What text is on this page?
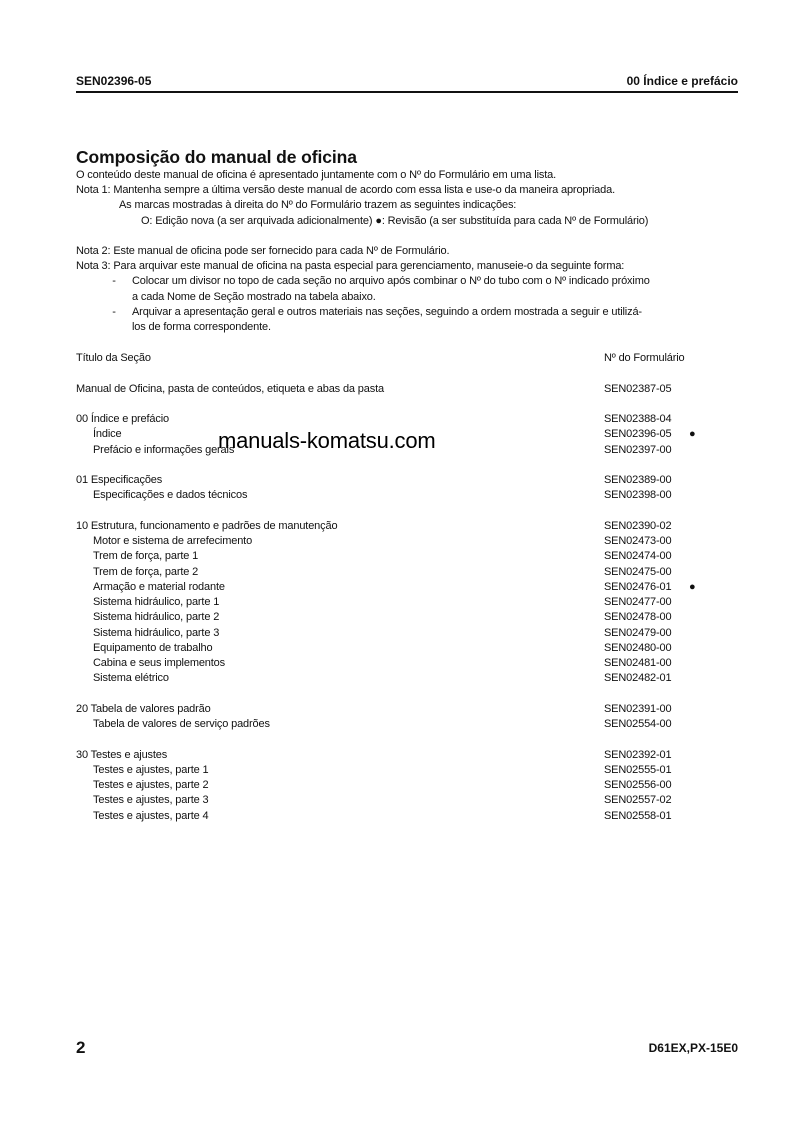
SEN02396-05	00 Índice e prefácio
Composição do manual de oficina
O conteúdo deste manual de oficina é apresentado juntamente com o Nº do Formulário em uma lista.
Nota 1: Mantenha sempre a última versão deste manual de acordo com essa lista e use-o da maneira apropriada.
As marcas mostradas à direita do Nº do Formulário trazem as seguintes indicações:
O: Edição nova (a ser arquivada adicionalmente) ●: Revisão (a ser substituída para cada Nº de Formulário)
Nota 2: Este manual de oficina pode ser fornecido para cada Nº de Formulário.
Nota 3: Para arquivar este manual de oficina na pasta especial para gerenciamento, manuseie-o da seguinte forma:
- Colocar um divisor no topo de cada seção no arquivo após combinar o Nº do tubo com o Nº indicado próximo
a cada Nome de Seção mostrado na tabela abaixo.
- Arquivar a apresentação geral e outros materiais nas seções, seguindo a ordem mostrada a seguir e utilizá-
los de forma correspondente.
Título da Seção	Nº do Formulário
Manual de Oficina, pasta de conteúdos, etiqueta e abas da pasta	SEN02387-05
00 Índice e prefácio	SEN02388-04
Índice	SEN02396-05 ●
Prefácio e informações gerais	SEN02397-00
01 Especificações	SEN02389-00
Especificações e dados técnicos	SEN02398-00
10 Estrutura, funcionamento e padrões de manutenção	SEN02390-02
Motor e sistema de arrefecimento	SEN02473-00
Trem de força, parte 1	SEN02474-00
Trem de força, parte 2	SEN02475-00
Armação e material rodante	SEN02476-01 ●
Sistema hidráulico, parte 1	SEN02477-00
Sistema hidráulico, parte 2	SEN02478-00
Sistema hidráulico, parte 3	SEN02479-00
Equipamento de trabalho	SEN02480-00
Cabina e seus implementos	SEN02481-00
Sistema elétrico	SEN02482-01
20 Tabela de valores padrão	SEN02391-00
Tabela de valores de serviço padrões	SEN02554-00
30 Testes e ajustes	SEN02392-01
Testes e ajustes, parte 1	SEN02555-01
Testes e ajustes, parte 2	SEN02556-00
Testes e ajustes, parte 3	SEN02557-02
Testes e ajustes, parte 4	SEN02558-01
manuals-komatsu.com
2	D61EX,PX-15E0
